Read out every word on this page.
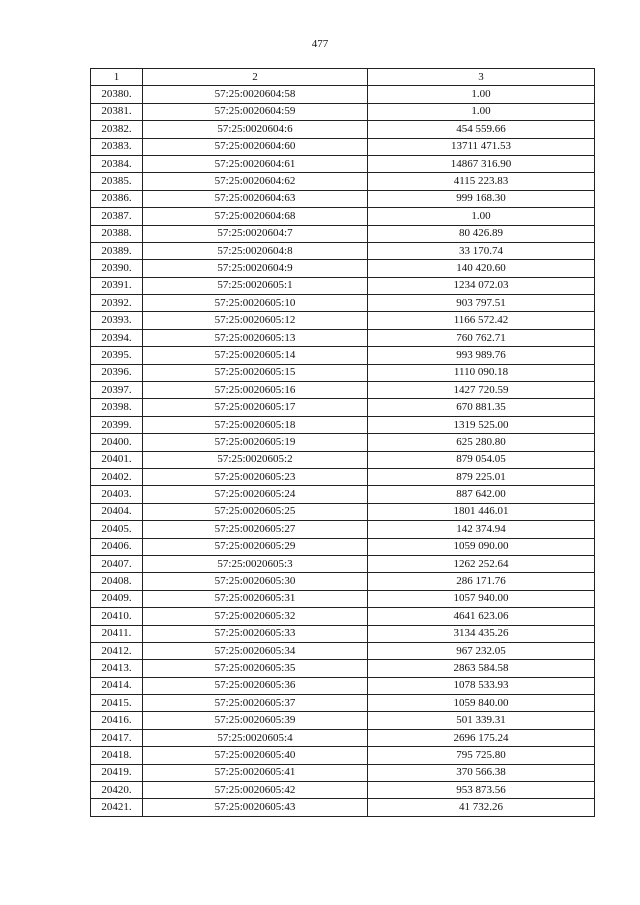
477
1	2	3
20380.	57:25:0020604:58	1.00
20381.	57:25:0020604:59	1.00
20382.	57:25:0020604:6	454 559.66
20383.	57:25:0020604:60	13711 471.53
20384.	57:25:0020604:61	14867 316.90
20385.	57:25:0020604:62	4115 223.83
20386.	57:25:0020604:63	999 168.30
20387.	57:25:0020604:68	1.00
20388.	57:25:0020604:7	80 426.89
20389.	57:25:0020604:8	33 170.74
20390.	57:25:0020604:9	140 420.60
20391.	57:25:0020605:1	1234 072.03
20392.	57:25:0020605:10	903 797.51
20393.	57:25:0020605:12	1166 572.42
20394.	57:25:0020605:13	760 762.71
20395.	57:25:0020605:14	993 989.76
20396.	57:25:0020605:15	1110 090.18
20397.	57:25:0020605:16	1427 720.59
20398.	57:25:0020605:17	670 881.35
20399.	57:25:0020605:18	1319 525.00
20400.	57:25:0020605:19	625 280.80
20401.	57:25:0020605:2	879 054.05
20402.	57:25:0020605:23	879 225.01
20403.	57:25:0020605:24	887 642.00
20404.	57:25:0020605:25	1801 446.01
20405.	57:25:0020605:27	142 374.94
20406.	57:25:0020605:29	1059 090.00
20407.	57:25:0020605:3	1262 252.64
20408.	57:25:0020605:30	286 171.76
20409.	57:25:0020605:31	1057 940.00
20410.	57:25:0020605:32	4641 623.06
20411.	57:25:0020605:33	3134 435.26
20412.	57:25:0020605:34	967 232.05
20413.	57:25:0020605:35	2863 584.58
20414.	57:25:0020605:36	1078 533.93
20415.	57:25:0020605:37	1059 840.00
20416.	57:25:0020605:39	501 339.31
20417.	57:25:0020605:4	2696 175.24
20418.	57:25:0020605:40	795 725.80
20419.	57:25:0020605:41	370 566.38
20420.	57:25:0020605:42	953 873.56
20421.	57:25:0020605:43	41 732.26
